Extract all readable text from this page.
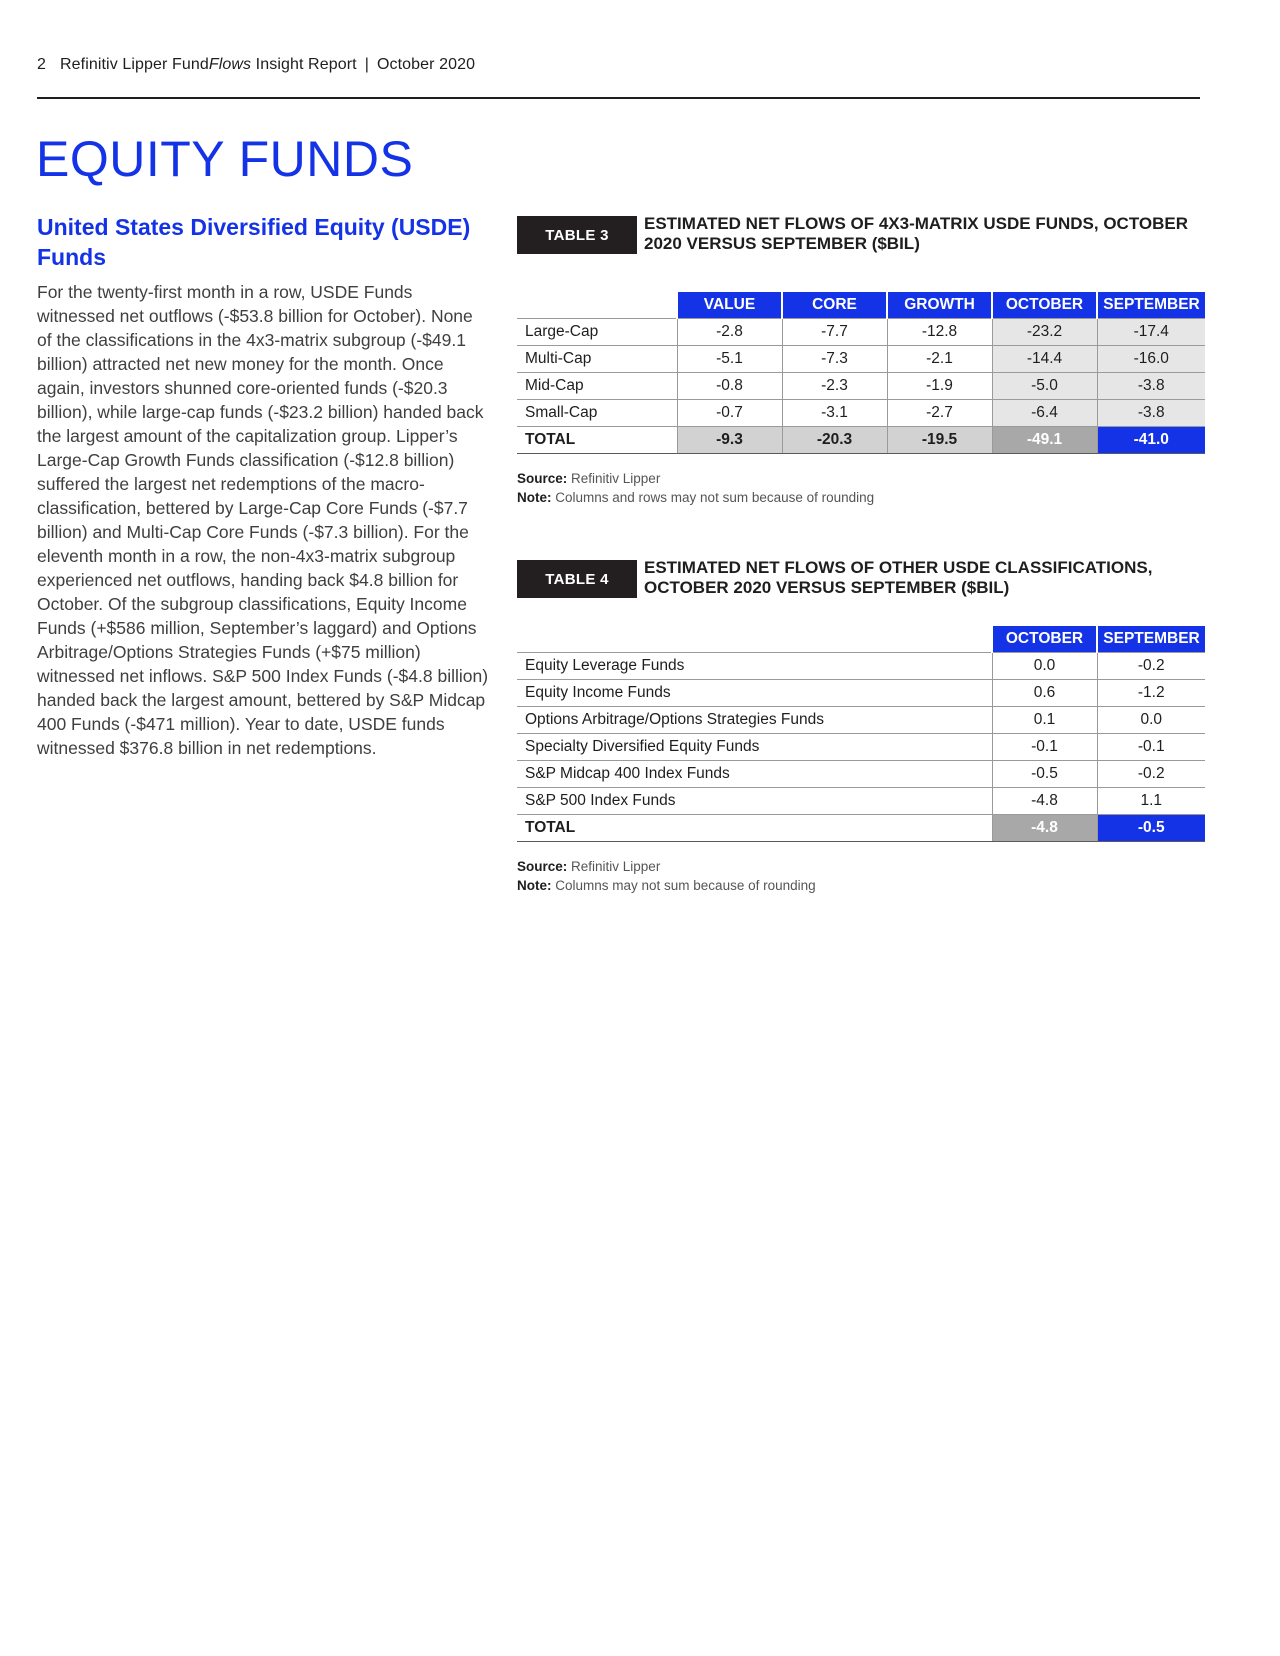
2 Refinitiv Lipper FundFlows Insight Report | October 2020
EQUITY FUNDS
United States Diversified Equity (USDE) Funds

For the twenty-first month in a row, USDE Funds witnessed net outflows (-$53.8 billion for October). None of the classifications in the 4x3-matrix subgroup (-$49.1 billion) attracted net new money for the month. Once again, investors shunned core-oriented funds (-$20.3 billion), while large-cap funds (-$23.2 billion) handed back the largest amount of the capitalization group. Lipper’s Large-Cap Growth Funds classification (-$12.8 billion) suffered the largest net redemptions of the macro-classification, bettered by Large-Cap Core Funds (-$7.7 billion) and Multi-Cap Core Funds (-$7.3 billion). For the eleventh month in a row, the non-4x3-matrix subgroup experienced net outflows, handing back $4.8 billion for October. Of the subgroup classifications, Equity Income Funds (+$586 million, September’s laggard) and Options Arbitrage/Options Strategies Funds (+$75 million) witnessed net inflows. S&P 500 Index Funds (-$4.8 billion) handed back the largest amount, bettered by S&P Midcap 400 Funds (-$471 million). Year to date, USDE funds witnessed $376.8 billion in net redemptions.

TABLE 3
ESTIMATED NET FLOWS OF 4X3-MATRIX USDE FUNDS, OCTOBER 2020 VERSUS SEPTEMBER ($BIL)
	VALUE	CORE	GROWTH	OCTOBER	SEPTEMBER
Large-Cap	-2.8	-7.7	-12.8	-23.2	-17.4
Multi-Cap	-5.1	-7.3	-2.1	-14.4	-16.0
Mid-Cap	-0.8	-2.3	-1.9	-5.0	-3.8
Small-Cap	-0.7	-3.1	-2.7	-6.4	-3.8
TOTAL	-9.3	-20.3	-19.5	-49.1	-41.0
Source: Refinitiv Lipper
Note: Columns and rows may not sum because of rounding
TABLE 4
ESTIMATED NET FLOWS OF OTHER USDE CLASSIFICATIONS, OCTOBER 2020 VERSUS SEPTEMBER ($BIL)
	OCTOBER	SEPTEMBER
Equity Leverage Funds	0.0	-0.2
Equity Income Funds	0.6	-1.2
Options Arbitrage/Options Strategies Funds	0.1	0.0
Specialty Diversified Equity Funds	-0.1	-0.1
S&P Midcap 400 Index Funds	-0.5	-0.2
S&P 500 Index Funds	-4.8	1.1
TOTAL	-4.8	-0.5
Source: Refinitiv Lipper
Note: Columns may not sum because of rounding
